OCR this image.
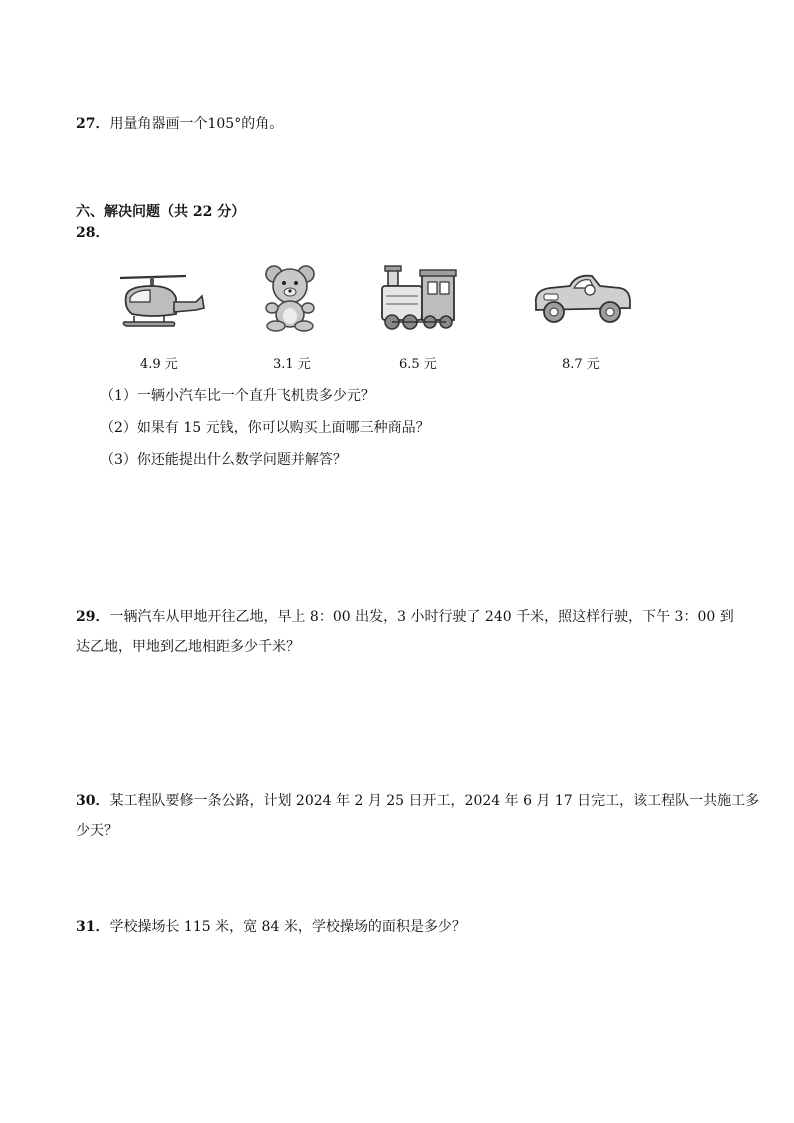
27．用量角器画一个105°的角。
六、解决问题（共 22 分）
28．
4.9 元	3.1 元	6.5 元	8.7 元
（1）一辆小汽车比一个直升飞机贵多少元？
（2）如果有 15 元钱，你可以购买上面哪三种商品？
（3）你还能提出什么数学问题并解答？
29．一辆汽车从甲地开往乙地，早上 8：00 出发，3 小时行驶了 240 千米，照这样行驶，下午 3：00 到
达乙地，甲地到乙地相距多少千米？
30．某工程队要修一条公路，计划 2024 年 2 月 25 日开工，2024 年 6 月 17 日完工，该工程队一共施工多
少天？
31．学校操场长 115 米，宽 84 米，学校操场的面积是多少？
